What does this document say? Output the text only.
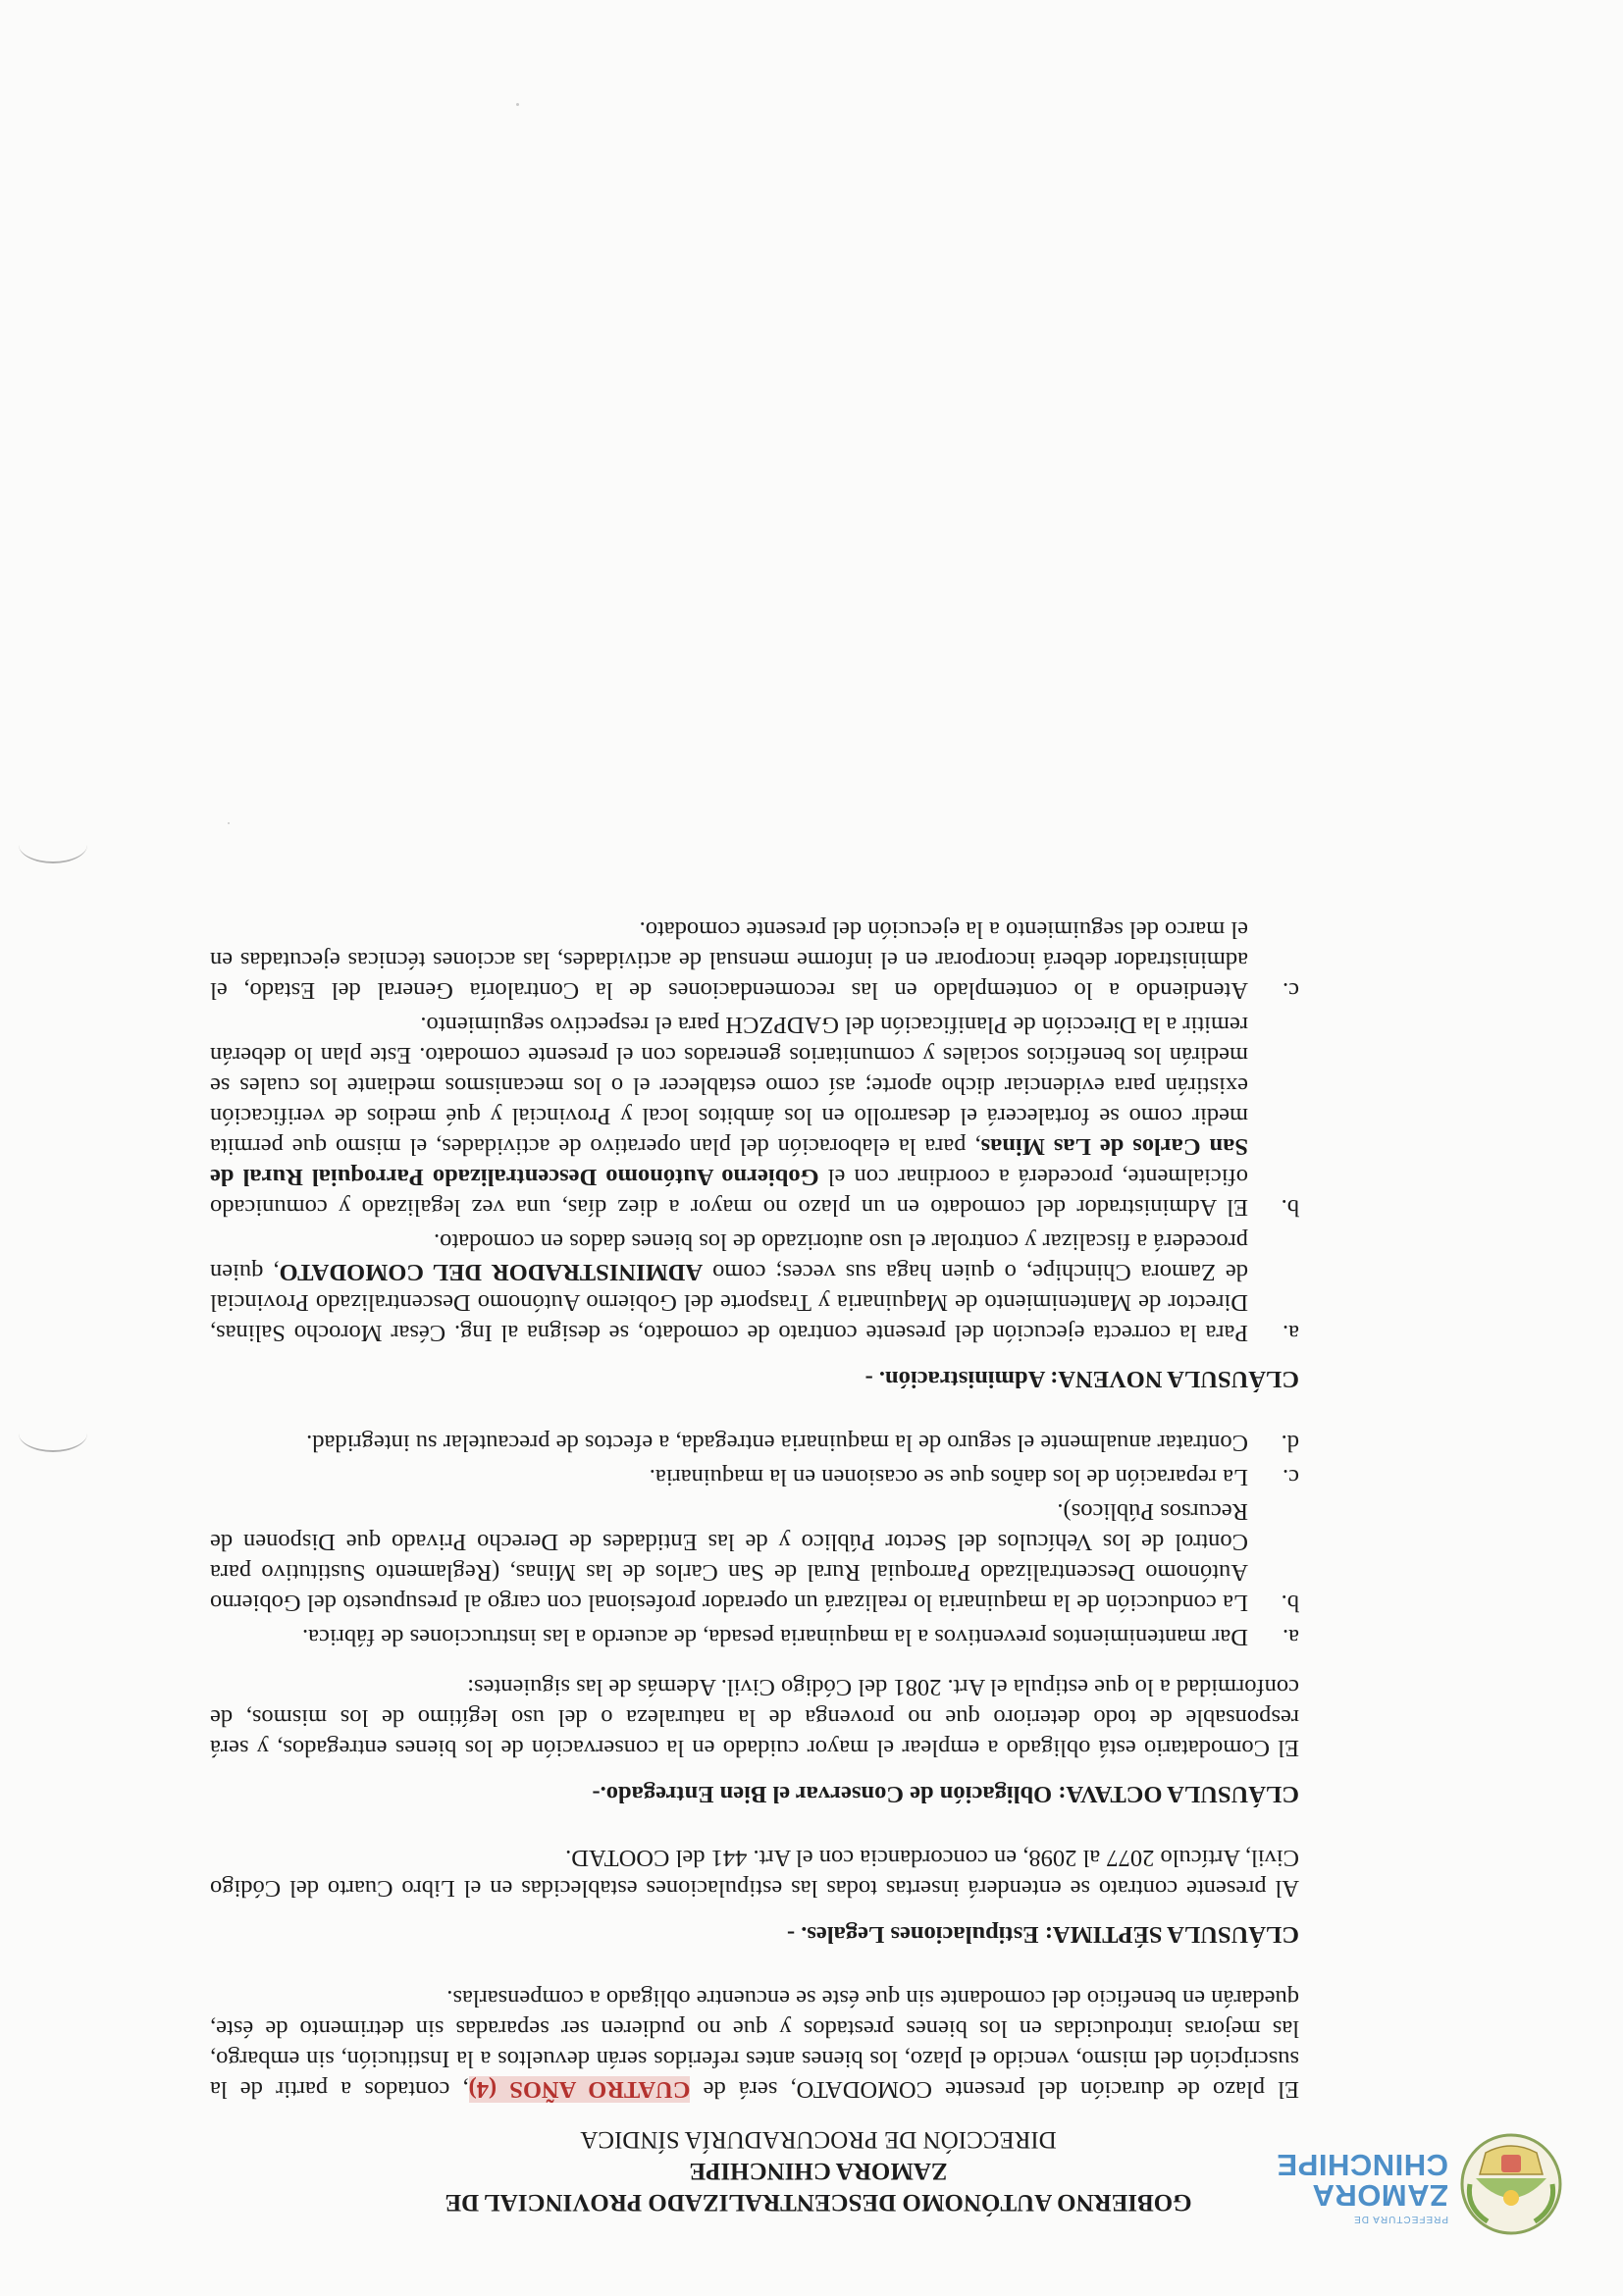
PREFECTURA DE
ZAMORA
CHINCHIPE
GOBIERNO AUTÓNOMO DESCENTRALIZADO PROVINCIAL DE
ZAMORA CHINCHIPE
DIRECCIÓN DE PROCURADURÍA SÍNDICA

El plazo de duración del presente COMODATO, será de CUATRO AÑOS (4), contados a partir de la suscripción del mismo, vencido el plazo, los bienes antes referidos serán devueltos a la Institución, sin embargo, las mejoras introducidas en los bienes prestados y que no pudieren ser separadas sin detrimento de éste, quedarán en beneficio del comodante sin que éste se encuentre obligado a compensarlas.

CLÁUSULA SÉPTIMA: Estipulaciones Legales. -

Al presente contrato se entenderá insertas todas las estipulaciones establecidas en el Libro Cuarto del Código Civil, Artículo 2077 al 2098, en concordancia con el Art. 441 del COOTAD.

CLÁUSULA OCTAVA: Obligación de Conservar el Bien Entregado.-

El Comodatario está obligado a emplear el mayor cuidado en la conservación de los bienes entregados, y será responsable de todo deterioro que no provenga de la naturaleza o del uso legítimo de los mismos, de conformidad a lo que estipula el Art. 2081 del Código Civil. Además de las siguientes:

a.
Dar mantenimientos preventivos a la maquinaria pesada, de acuerdo a las instrucciones de fábrica.
b.
La conducción de la maquinaria lo realizará un operador profesional con cargo al presupuesto del Gobierno Autónomo Descentralizado Parroquial Rural de San Carlos de las Minas, (Reglamento Sustitutivo para Control de los Vehículos del Sector Público y de las Entidades de Derecho Privado que Disponen de Recursos Públicos).
c.
La reparación de los daños que se ocasionen en la maquinaria.
d.
Contratar anualmente el seguro de la maquinaria entregada, a efectos de precautelar su integridad.
CLÁUSULA NOVENA: Administración. -
a.
Para la correcta ejecución del presente contrato de comodato, se designa al Ing. César Morocho Salinas, Director de Mantenimiento de Maquinaria y Trasporte del Gobierno Autónomo Descentralizado Provincial de Zamora Chinchipe, o quien haga sus veces; como ADMINISTRADOR DEL COMODATO, quien procederá a fiscalizar y controlar el uso autorizado de los bienes dados en comodato.
b.
El Administrador del comodato en un plazo no mayor a diez días, una vez legalizado y comunicado oficialmente, procederá a coordinar con el Gobierno Autónomo Descentralizado Parroquial Rural de San Carlos de Las Minas, para la elaboración del plan operativo de actividades, el mismo que permita medir como se fortalecerá el desarrollo en los ámbitos local y Provincial y qué medios de verificación existirán para evidenciar dicho aporte; así como establecer el o los mecanismos mediante los cuales se medirán los beneficios sociales y comunitarios generados con el presente comodato. Este plan lo deberán remitir a la Dirección de Planificación del GADPZCH para el respectivo seguimiento.
c.
Atendiendo a lo contemplado en las recomendaciones de la Contraloría General del Estado, el administrador deberá incorporar en el informe mensual de actividades, las acciones técnicas ejecutadas en el marco del seguimiento a la ejecución del presente comodato.
